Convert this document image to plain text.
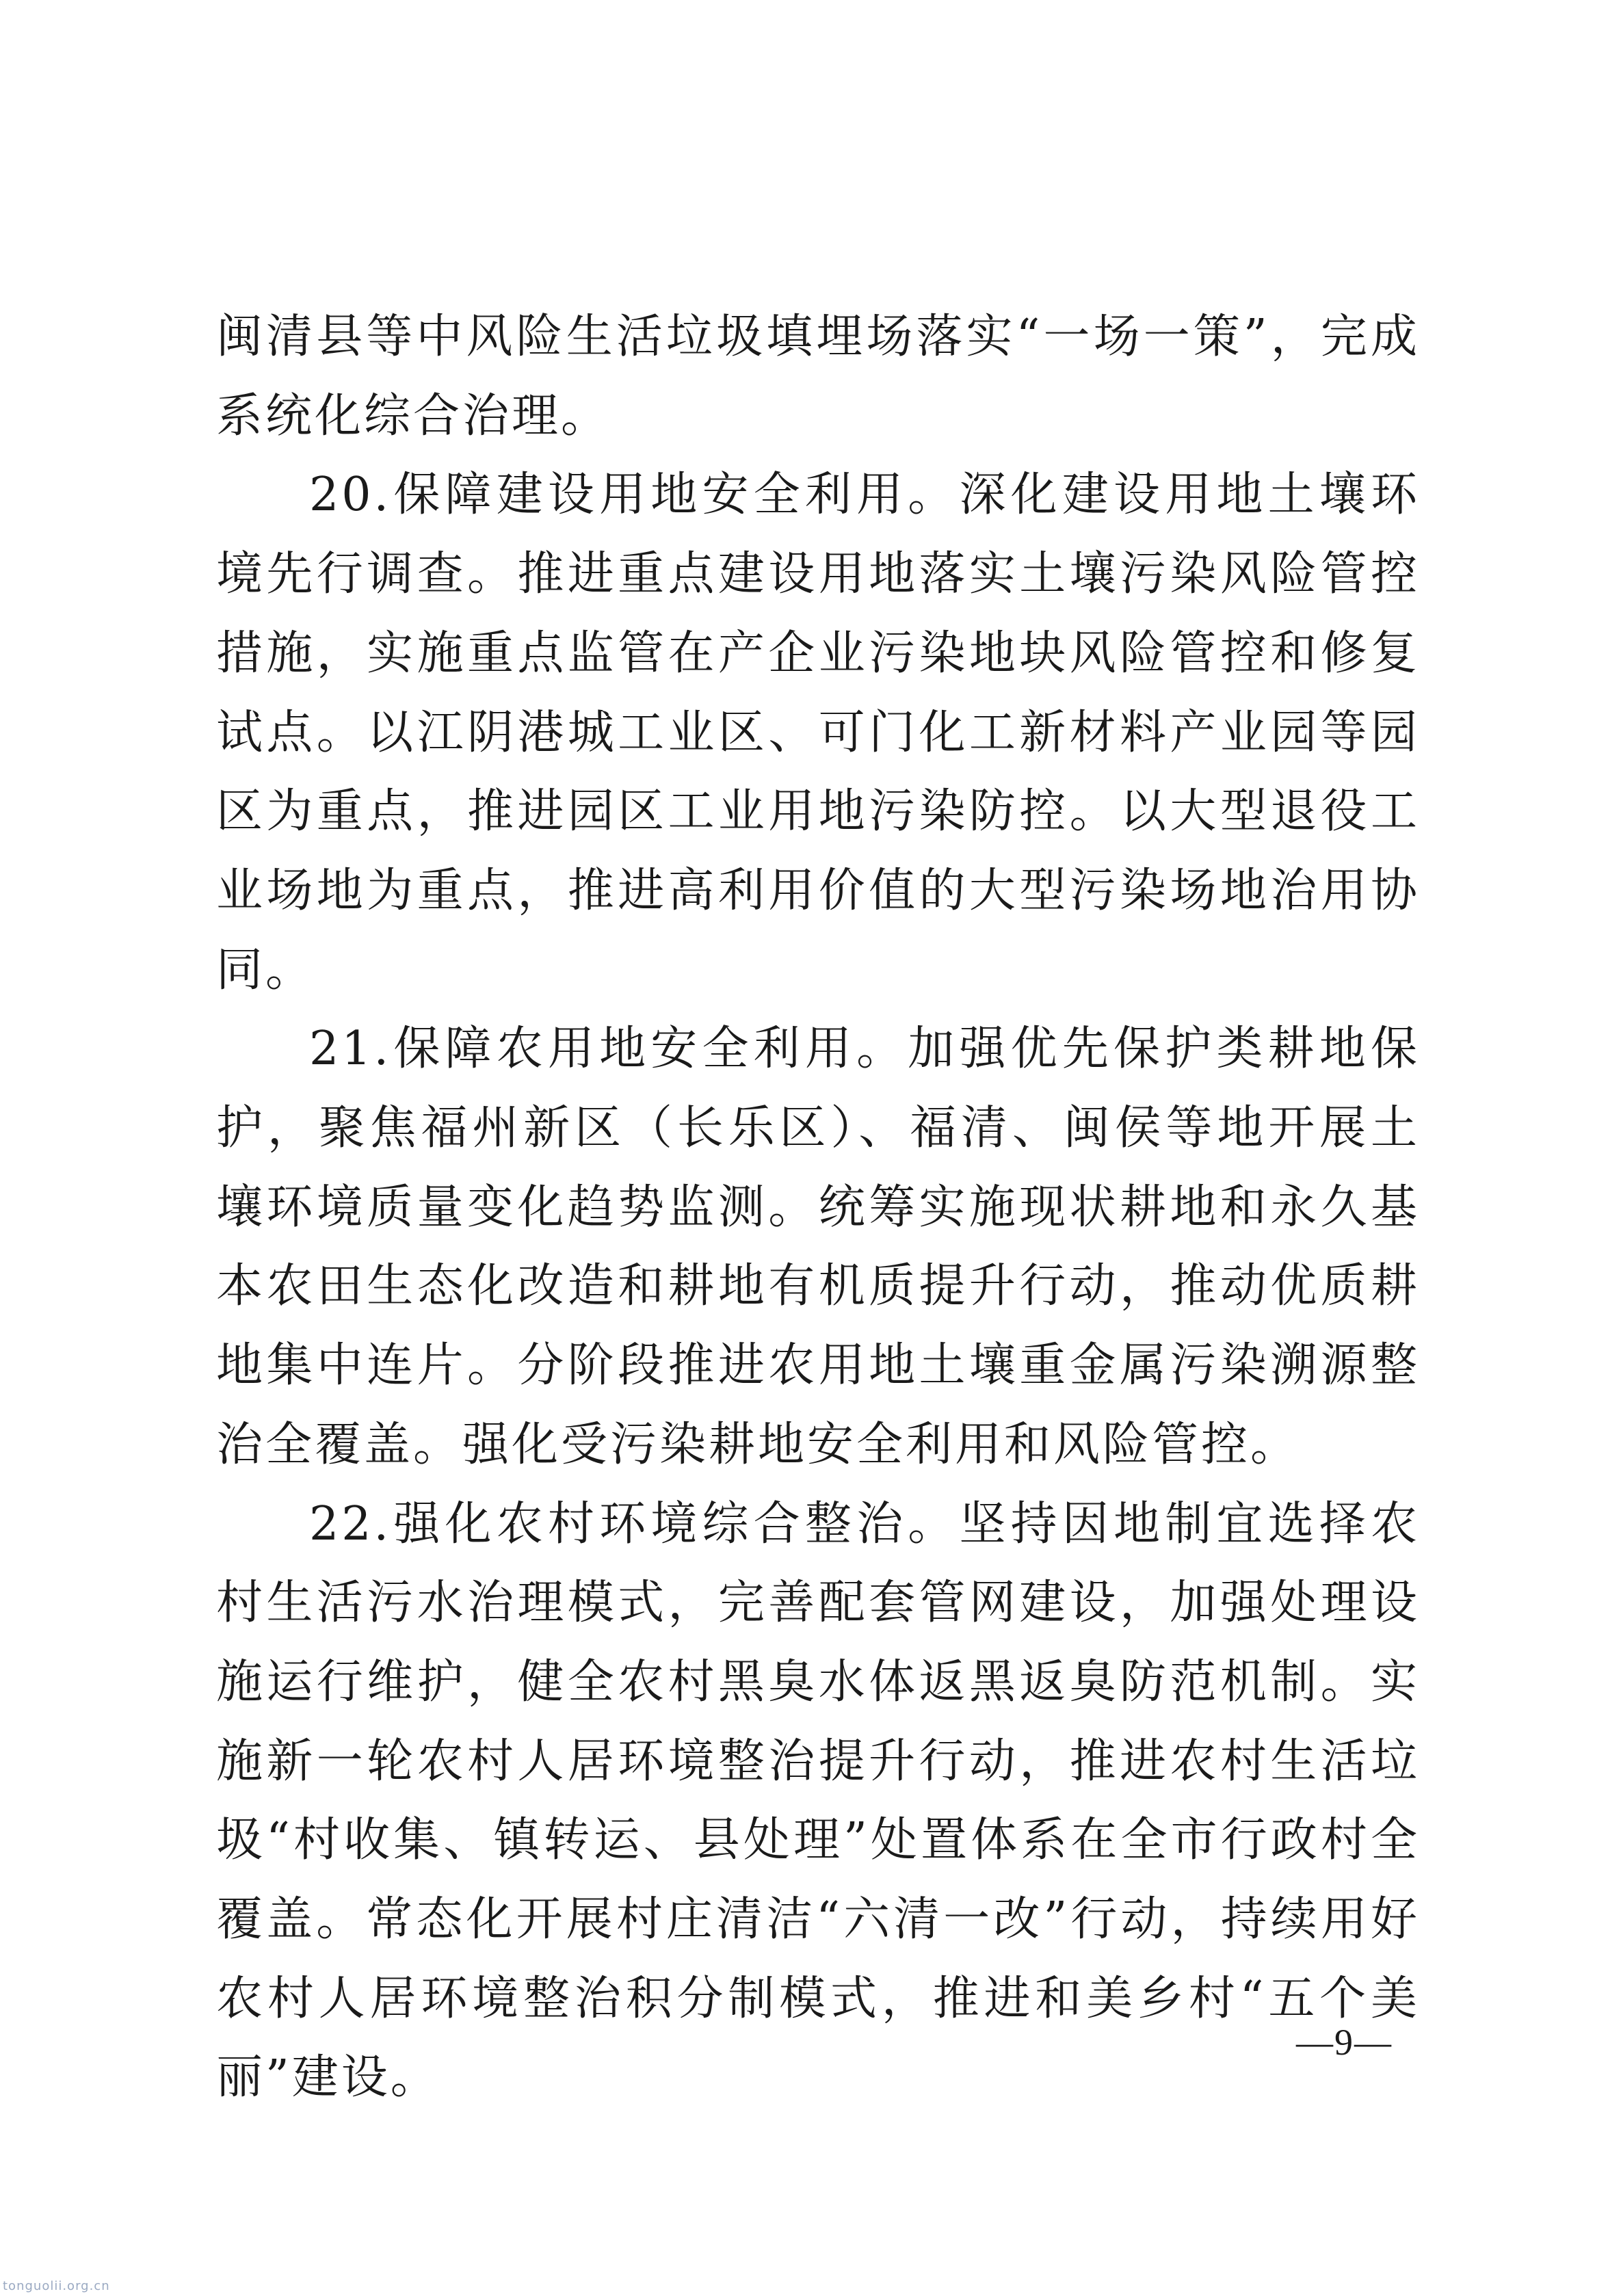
闽清县等中风险生活垃圾填埋场落实“一场一策”，完成系统化综合治理。

20.保障建设用地安全利用。深化建设用地土壤环境先行调查。推进重点建设用地落实土壤污染风险管控措施，实施重点监管在产企业污染地块风险管控和修复试点。以江阴港城工业区、可门化工新材料产业园等园区为重点，推进园区工业用地污染防控。以大型退役工业场地为重点，推进高利用价值的大型污染场地治用协同。

21.保障农用地安全利用。加强优先保护类耕地保护，聚焦福州新区（长乐区）、福清、闽侯等地开展土壤环境质量变化趋势监测。统筹实施现状耕地和永久基本农田生态化改造和耕地有机质提升行动，推动优质耕地集中连片。分阶段推进农用地土壤重金属污染溯源整治全覆盖。强化受污染耕地安全利用和风险管控。

22.强化农村环境综合整治。坚持因地制宜选择农村生活污水治理模式，完善配套管网建设，加强处理设施运行维护，健全农村黑臭水体返黑返臭防范机制。实施新一轮农村人居环境整治提升行动，推进农村生活垃圾“村收集、镇转运、县处理”处置体系在全市行政村全覆盖。常态化开展村庄清洁“六清一改”行动，持续用好农村人居环境整治积分制模式，推进和美乡村“五个美丽”建设。

—9—
tonguolii.org.cn
